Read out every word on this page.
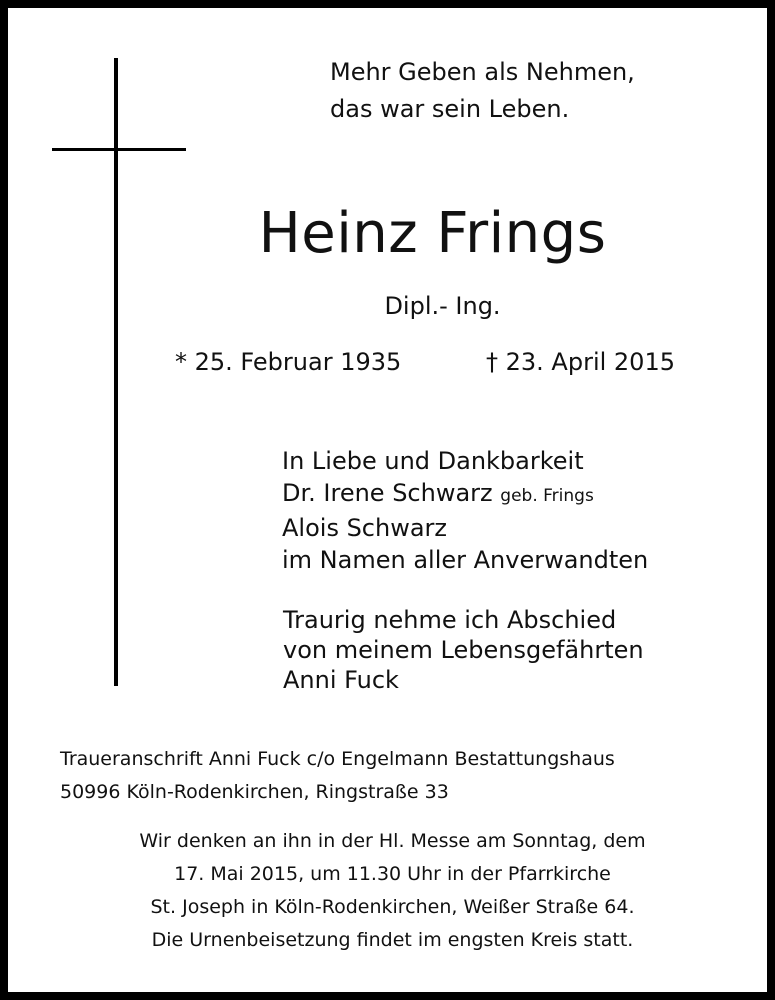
Mehr Geben als Nehmen,
das war sein Leben.
Heinz Frings
Dipl.- Ing.
* 25. Februar 1935	† 23. April 2015
In Liebe und Dankbarkeit
Dr. Irene Schwarz geb. Frings
Alois Schwarz
im Namen aller Anverwandten
Traurig nehme ich Abschied
von meinem Lebensgefährten
Anni Fuck
Traueranschrift Anni Fuck c/o Engelmann Bestattungshaus
50996 Köln-Rodenkirchen, Ringstraße 33
Wir denken an ihn in der Hl. Messe am Sonntag, dem
17. Mai 2015, um 11.30 Uhr in der Pfarrkirche
St. Joseph in Köln-Rodenkirchen, Weißer Straße 64.
Die Urnenbeisetzung findet im engsten Kreis statt.
